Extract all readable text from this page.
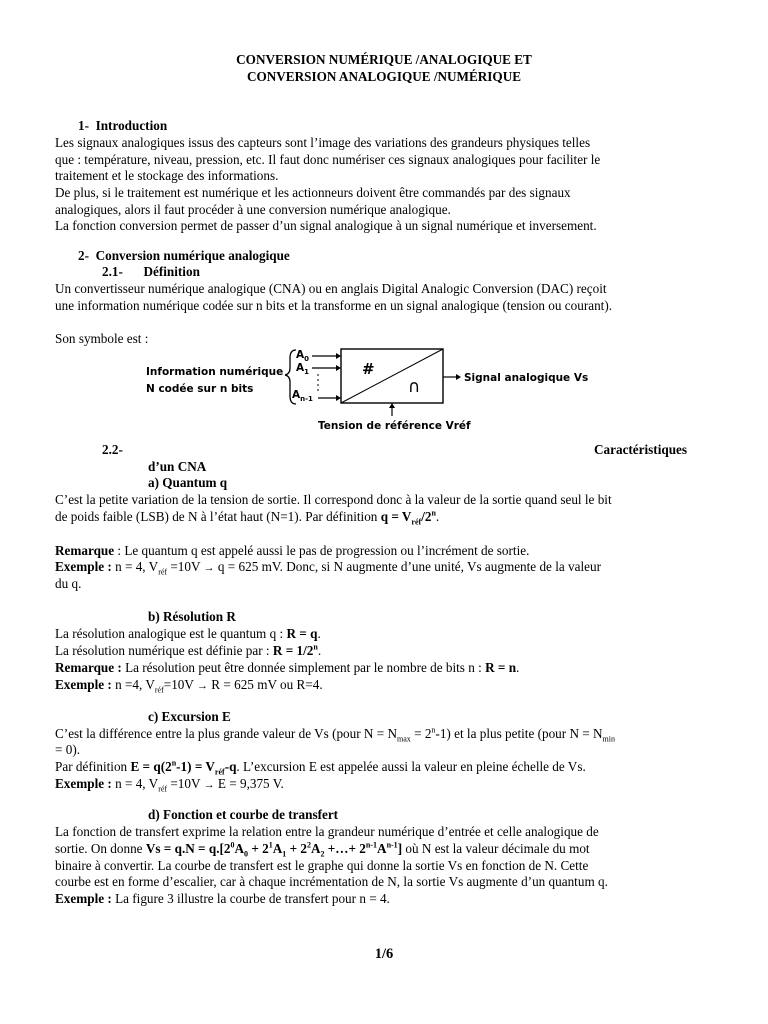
CONVERSION NUMÉRIQUE /ANALOGIQUE ET
CONVERSION ANALOGIQUE /NUMÉRIQUE
1- Introduction
Les signaux analogiques issus des capteurs sont l’image des variations des grandeurs physiques telles
que : température, niveau, pression, etc. Il faut donc numériser ces signaux analogiques pour faciliter le
traitement et le stockage des informations.
De plus, si le traitement est numérique et les actionneurs doivent être commandés par des signaux
analogiques, alors il faut procéder à une conversion numérique analogique.
La fonction conversion permet de passer d’un signal analogique à un signal numérique et inversement.
2- Conversion numérique analogique
2.1- Définition
Un convertisseur numérique analogique (CNA) ou en anglais Digital Analogic Conversion (DAC) reçoit
une information numérique codée sur n bits et la transforme en un signal analogique (tension ou courant).
Son symbole est :
Information numérique
N codée sur n bits
$A_0$
$A_1$
$A_{n-1}$
#
∩	Signal analogique Vs
Tension de référence Vréf
2.2-	Caractéristiques
d’un CNA
a) Quantum q
C’est la petite variation de la tension de sortie. Il correspond donc à la valeur de la sortie quand seul le bit
de poids faible (LSB) de N à l’état haut (N=1). Par définition $q = V_{réf}/2^n$.
Remarque : Le quantum q est appelé aussi le pas de progression ou l’incrément de sortie.
Exemple : n = 4, $V_{réf} =10V \to q = 625$ mV. Donc, si N augmente d’une unité, Vs augmente de la valeur
du q.
b) Résolution R
La résolution analogique est le quantum q : R = q.
La résolution numérique est définie par : $R = 1/2^n$.
Remarque : La résolution peut être donnée simplement par le nombre de bits n : R = n.
Exemple : n =4, $V_{réf}=10V \to R = 625$ mV ou R=4.
c) Excursion E
C’est la différence entre la plus grande valeur de Vs (pour $N = N_{max} = 2^n-1$) et la plus petite (pour $N = N_{min}$
= 0).
Par définition $E = q(2^n-1) = V_{réf}-q$. L’excursion E est appelée aussi la valeur en pleine échelle de Vs.
Exemple : n = 4, $V_{réf} =10V \to E = 9,375$ V.
d) Fonction et courbe de transfert
La fonction de transfert exprime la relation entre la grandeur numérique d’entrée et celle analogique de
sortie. On donne $Vs = q.N = q.[2^0A_0 + 2^1A_1 + 2^2A_2$ +…+ $2^{n-1}A^{n-1}$] où N est la valeur décimale du mot
binaire à convertir. La courbe de transfert est le graphe qui donne la sortie Vs en fonction de N. Cette
courbe est en forme d’escalier, car à chaque incrémentation de N, la sortie Vs augmente d’un quantum q.
Exemple : La figure 3 illustre la courbe de transfert pour n = 4.
1/6
